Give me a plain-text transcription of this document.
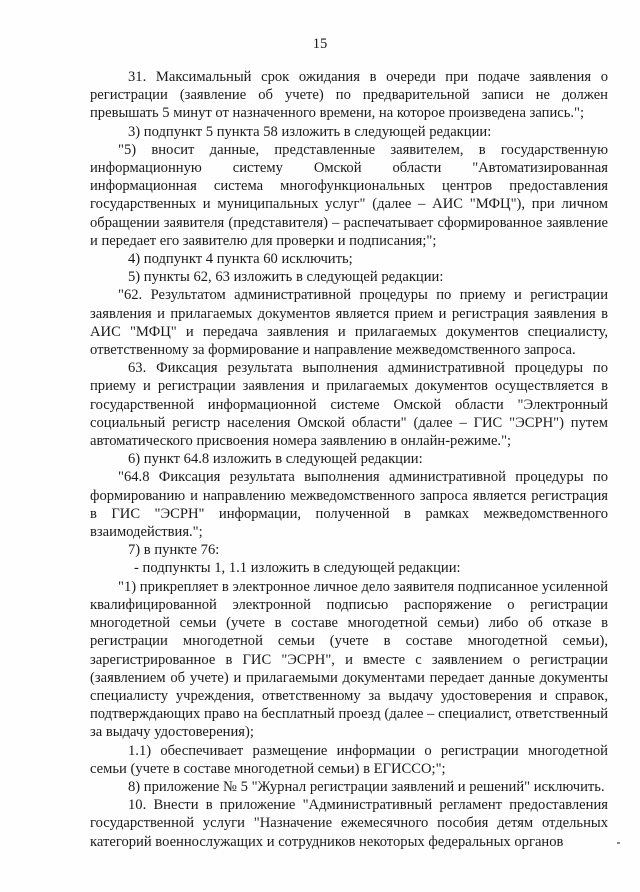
15

31. Максимальный срок ожидания в очереди при подаче заявления о регистрации (заявление об учете) по предварительной записи не должен превышать 5 минут от назначенного времени, на которое произведена запись.";

3) подпункт 5 пункта 58 изложить в следующей редакции:

"5) вносит данные, представленные заявителем, в государственную информационную систему Омской области "Автоматизированная информационная система многофункциональных центров предоставления государственных и муниципальных услуг" (далее – АИС "МФЦ"), при личном обращении заявителя (представителя) – распечатывает сформированное заявление и передает его заявителю для проверки и подписания;";

4) подпункт 4 пункта 60 исключить;

5) пункты 62, 63 изложить в следующей редакции:

"62. Результатом административной процедуры по приему и регистрации заявления и прилагаемых документов является прием и регистрация заявления в АИС "МФЦ" и передача заявления и прилагаемых документов специалисту, ответственному за формирование и направление межведомственного запроса.

63. Фиксация результата выполнения административной процедуры по приему и регистрации заявления и прилагаемых документов осуществляется в государственной информационной системе Омской области "Электронный социальный регистр населения Омской области" (далее – ГИС "ЭСРН") путем автоматического присвоения номера заявлению в онлайн-режиме.";

6) пункт 64.8 изложить в следующей редакции:

"64.8 Фиксация результата выполнения административной процедуры по формированию и направлению межведомственного запроса является регистрация в ГИС "ЭСРН" информации, полученной в рамках межведомственного взаимодействия.";

7) в пункте 76:

- подпункты 1, 1.1 изложить в следующей редакции:

"1) прикрепляет в электронное личное дело заявителя подписанное усиленной квалифицированной электронной подписью распоряжение о регистрации многодетной семьи (учете в составе многодетной семьи) либо об отказе в регистрации многодетной семьи (учете в составе многодетной семьи), зарегистрированное в ГИС "ЭСРН", и вместе с заявлением о регистрации (заявлением об учете) и прилагаемыми документами передает данные документы специалисту учреждения, ответственному за выдачу удостоверения и справок, подтверждающих право на бесплатный проезд (далее – специалист, ответственный за выдачу удостоверения);

1.1) обеспечивает размещение информации о регистрации многодетной семьи (учете в составе многодетной семьи) в ЕГИССО;";

8) приложение № 5 "Журнал регистрации заявлений и решений" исключить.

10. Внести в приложение "Административный регламент предоставления государственной услуги "Назначение ежемесячного пособия детям отдельных категорий военнослужащих и сотрудников некоторых федеральных органов
